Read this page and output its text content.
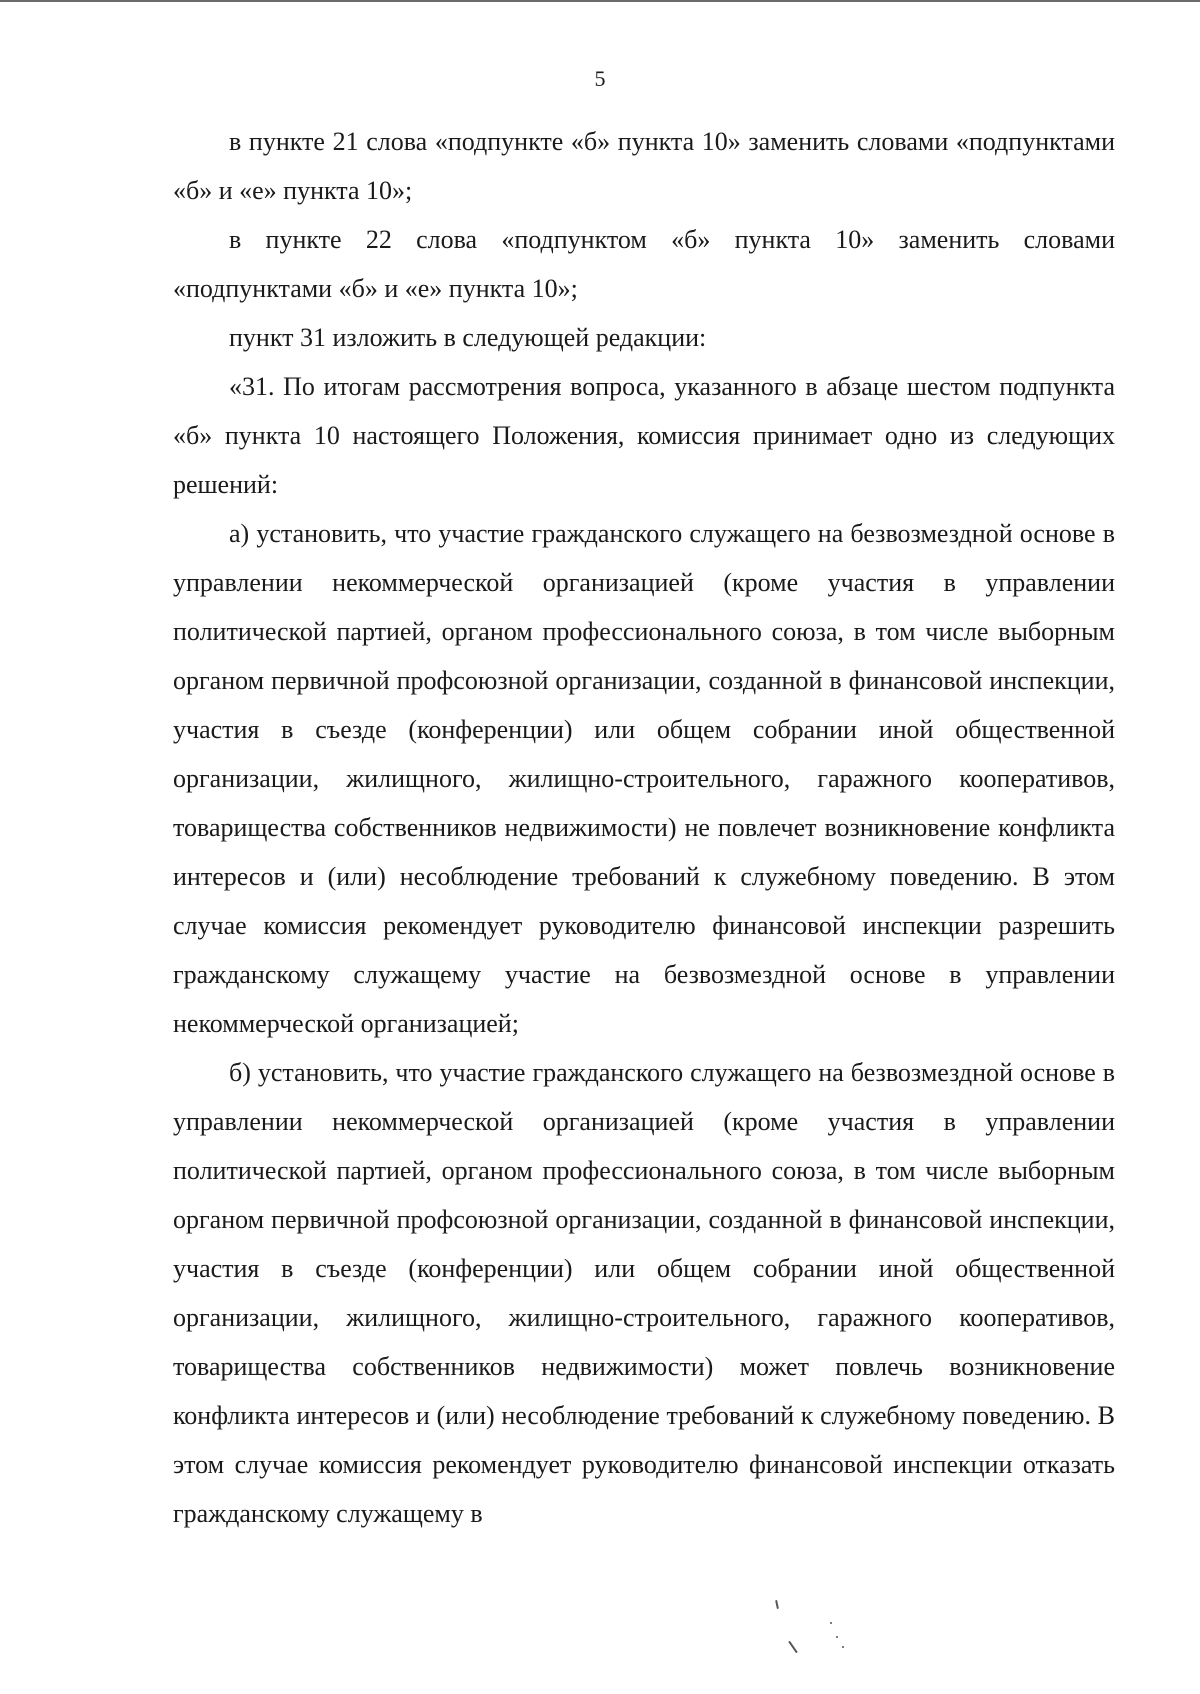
5

в пункте 21 слова «подпункте «б» пункта 10» заменить словами «подпунктами «б» и «е» пункта 10»;

в пункте 22 слова «подпунктом «б» пункта 10» заменить словами «подпунктами «б» и «е» пункта 10»;

пункт 31 изложить в следующей редакции:

«31. По итогам рассмотрения вопроса, указанного в абзаце шестом подпункта «б» пункта 10 настоящего Положения, комиссия принимает одно из следующих решений:

а) установить, что участие гражданского служащего на безвозмездной основе в управлении некоммерческой организацией (кроме участия в управлении политической партией, органом профессионального союза, в том числе выборным органом первичной профсоюзной организации, созданной в финансовой инспекции, участия в съезде (конференции) или общем собрании иной общественной организации, жилищного, жилищно-строительного, гаражного кооперативов, товарищества собственников недвижимости) не повлечет возникновение конфликта интересов и (или) несоблюдение требований к служебному поведению. В этом случае комиссия рекомендует руководителю финансовой инспекции разрешить гражданскому служащему участие на безвозмездной основе в управлении некоммерческой организацией;

б) установить, что участие гражданского служащего на безвозмездной основе в управлении некоммерческой организацией (кроме участия в управлении политической партией, органом профессионального союза, в том числе выборным органом первичной профсоюзной организации, созданной в финансовой инспекции, участия в съезде (конференции) или общем собрании иной общественной организации, жилищного, жилищно-строительного, гаражного кооперативов, товарищества собственников недвижимости) может повлечь возникновение конфликта интересов и (или) несоблюдение требований к служебному поведению. В этом случае комиссия рекомендует руководителю финансовой инспекции отказать гражданскому служащему в
